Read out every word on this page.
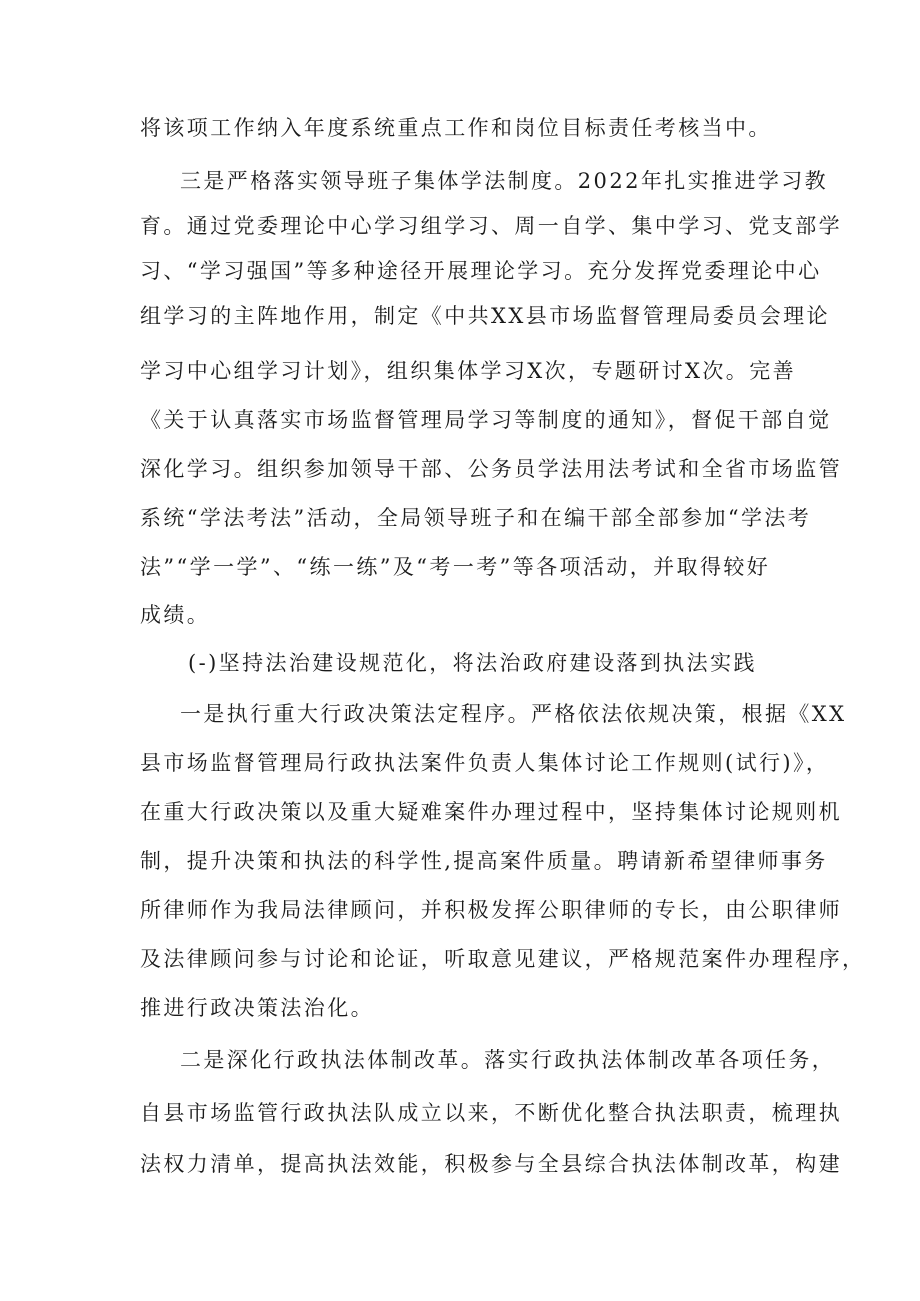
将该项工作纳入年度系统重点工作和岗位目标责任考核当中。
三是严格落实领导班子集体学法制度。2022年扎实推进学习教
育。通过党委理论中心学习组学习、周一自学、集中学习、党支部学
习、“学习强国”等多种途径开展理论学习。充分发挥党委理论中心
组学习的主阵地作用，制定《中共XX县市场监督管理局委员会理论
学习中心组学习计划》，组织集体学习X次，专题研讨X次。完善
《关于认真落实市场监督管理局学习等制度的通知》，督促干部自觉
深化学习。组织参加领导干部、公务员学法用法考试和全省市场监管
系统“学法考法”活动，全局领导班子和在编干部全部参加“学法考
法”“学一学”、“练一练”及“考一考”等各项活动，并取得较好
成绩。
(-)坚持法治建设规范化，将法治政府建设落到执法实践
一是执行重大行政决策法定程序。严格依法依规决策，根据《XX
县市场监督管理局行政执法案件负责人集体讨论工作规则(试行)》，
在重大行政决策以及重大疑难案件办理过程中，坚持集体讨论规则机
制，提升决策和执法的科学性,提高案件质量。聘请新希望律师事务
所律师作为我局法律顾问，并积极发挥公职律师的专长，由公职律师
及法律顾问参与讨论和论证，听取意见建议，严格规范案件办理程序，
推进行政决策法治化。
二是深化行政执法体制改革。落实行政执法体制改革各项任务，
自县市场监管行政执法队成立以来，不断优化整合执法职责，梳理执
法权力清单，提高执法效能，积极参与全县综合执法体制改革，构建
